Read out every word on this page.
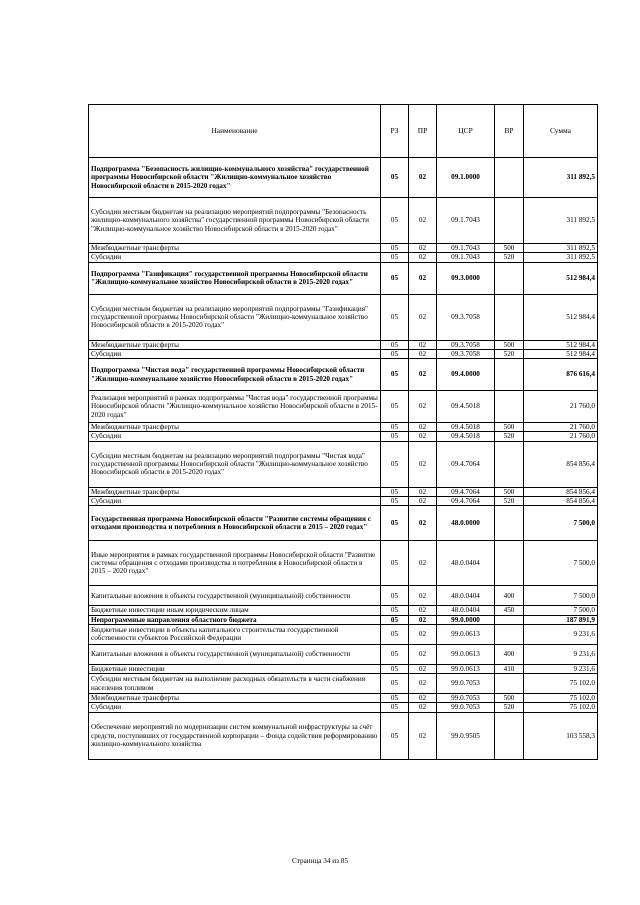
Наименование	РЗ	ПР	ЦСР	ВР	Сумма
Подпрограмма "Безопасность жилищно-коммунального хозяйства" государственной программы Новосибирской области "Жилищно-коммунальное хозяйство Новосибирской области в 2015-2020 годах"	05	02	09.1.0000		311 892,5
Субсидии местным бюджетам на реализацию мероприятий подпрограммы "Безопасность жилищно-коммунального хозяйства" государственной программы Новосибирской области "Жилищно-коммунальное хозяйство Новосибирской области в 2015-2020 годах"	05	02	09.1.7043		311 892,5
Межбюджетные трансферты	05	02	09.1.7043	500	311 892,5
Субсидии	05	02	09.1.7043	520	311 892,5
Подпрограмма "Газификация" государственной программы Новосибирской области "Жилищно-коммунальное хозяйство Новосибирской области в 2015-2020 годах"	05	02	09.3.0000		512 984,4
Субсидии местным бюджетам на реализацию мероприятий подпрограммы "Газификация" государственной программы Новосибирской области "Жилищно-коммунальное хозяйство Новосибирской области в 2015-2020 годах"	05	02	09.3.7058		512 984,4
Межбюджетные трансферты	05	02	09.3.7058	500	512 984,4
Субсидии	05	02	09.3.7058	520	512 984,4
Подпрограмма "Чистая вода" государственной программы Новосибирской области "Жилищно-коммунальное хозяйство Новосибирской области в 2015-2020 годах"	05	02	09.4.0000		876 616,4
Реализация мероприятий в рамках подпрограммы "Чистая вода" государственной программы Новосибирской области "Жилищно-коммунальное хозяйство Новосибирской области в 2015-2020 годах"	05	02	09.4.5018		21 760,0
Межбюджетные трансферты	05	02	09.4.5018	500	21 760,0
Субсидии	05	02	09.4.5018	520	21 760,0
Субсидии местным бюджетам на реализацию мероприятий подпрограммы "Чистая вода" государственной программы Новосибирской области "Жилищно-коммунальное хозяйство Новосибирской области в 2015-2020 годах"	05	02	09.4.7064		854 856,4
Межбюджетные трансферты	05	02	09.4.7064	500	854 856,4
Субсидии	05	02	09.4.7064	520	854 856,4
Государственная программа Новосибирской области "Развитие системы обращения с отходами производства и потребления в Новосибирской области в 2015 – 2020 годах"	05	02	48.0.0000		7 500,0
Иные мероприятия в рамках государственной программы Новосибирской области "Развитие системы обращения с отходами производства и потребления в Новосибирской области в 2015 – 2020 годах"	05	02	48.0.0404		7 500,0
Капитальные вложения в объекты государственной (муниципальной) собственности	05	02	48.0.0404	400	7 500,0
Бюджетные инвестиции иным юридическим лицам	05	02	48.0.0404	450	7 500,0
Непрограммные направления областного бюджета	05	02	99.0.0000		187 891,9
Бюджетные инвестиции в объекты капитального строительства государственной собственности субъектов Российской Федерации	05	02	99.0.0613		9 231,6
Капитальные вложения в объекты государственной (муниципальной) собственности	05	02	99.0.0613	400	9 231,6
Бюджетные инвестиции	05	02	99.0.0613	410	9 231,6
Субсидии местным бюджетам на выполнение расходных обязательств в части снабжения населения топливом	05	02	99.0.7053		75 102,0
Межбюджетные трансферты	05	02	99.0.7053	500	75 102,0
Субсидии	05	02	99.0.7053	520	75 102,0
Обеспечение мероприятий по модернизации систем коммунальной инфраструктуры за счёт средств, поступивших от государственной корпорации – Фонда содействия реформированию жилищно-коммунального хозяйства	05	02	99.0.9505		103 558,3
Страница 34 из 85
